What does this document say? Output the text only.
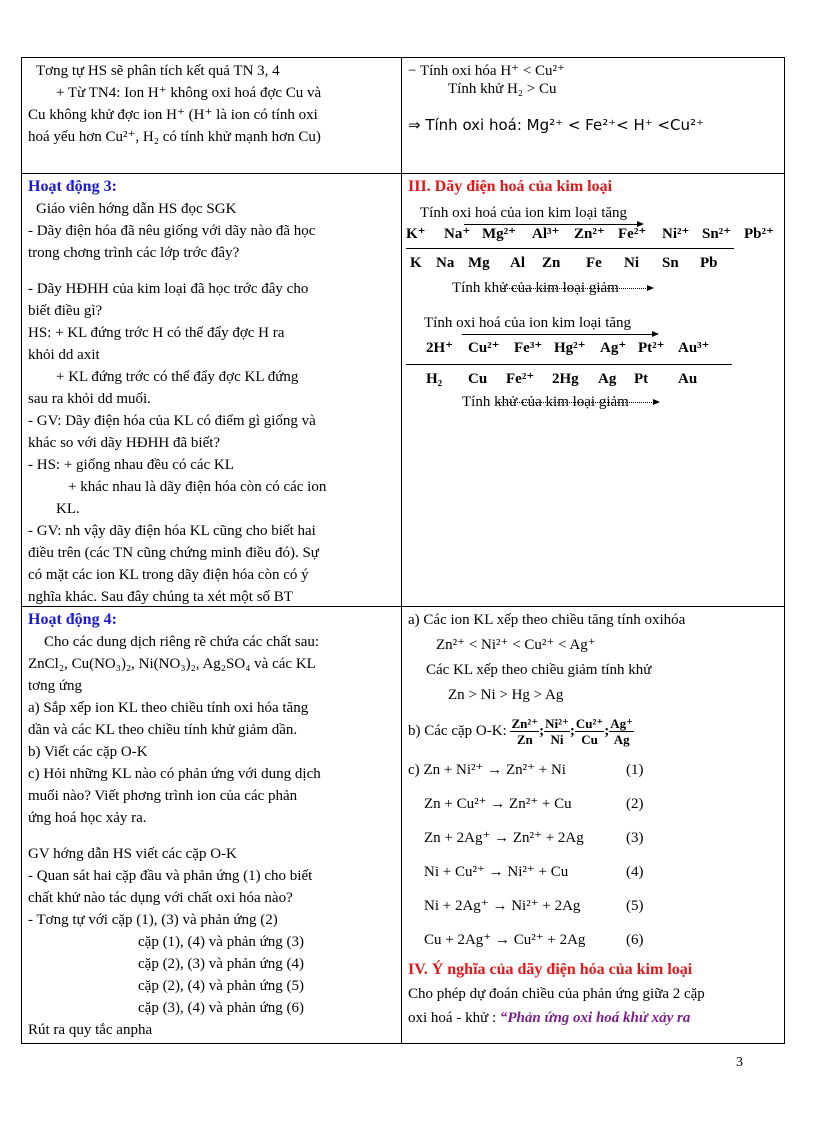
Tơng tự HS sẽ phân tích kết quả TN 3, 4
+ Từ TN4: Ion H⁺ không oxi hoá đợc Cu và
Cu không khử đợc ion H⁺ (H⁺ là ion có tính oxi
hoá yếu hơn Cu²⁺, H₂ có tính khử mạnh hơn Cu)
− Tính oxi hóa H⁺ < Cu²⁺
Tính khử H₂ > Cu
⇒ Tính oxi hoá: Mg²⁺ < Fe²⁺< H⁺ <Cu²⁺
Hoạt động 3:
Giáo viên hớng dẫn HS đọc SGK
- Dãy điện hóa đã nêu giống với dãy nào đã học
trong chơng trình các lớp trớc đây?
- Dãy HĐHH của kim loại đã học trớc đây cho
biết điều gì?
HS: + KL đứng trớc H có thể đẩy đợc H ra
khỏi dd axit
+ KL đứng trớc có thể đẩy đợc KL đứng
sau ra khỏi dd muối.
- GV: Dãy điện hóa của KL có điểm gì giống và
khác so với dãy HĐHH đã biết?
- HS: + giống nhau đều có các KL
+ khác nhau là dãy điện hóa còn có các ion
KL.
- GV: nh vậy dãy điện hóa KL cũng cho biết hai
điều trên (các TN cũng chứng minh điều đó). Sự
có mặt các ion KL trong dãy điện hóa còn có ý
nghĩa khác. Sau đây chúng ta xét một số BT
III. Dãy điện hoá của kim loại
Tính oxi hoá của ion kim loại tăng
K⁺ Na⁺ Mg²⁺ Al³⁺ Zn²⁺ Fe²⁺ Ni²⁺ Sn²⁺ Pb²⁺
K Na Mg Al Zn Fe Ni Sn Pb
Tính khử của kim loại giảm
Tính oxi hoá của ion kim loại tăng
2H⁺ Cu²⁺ Fe³⁺ Hg²⁺ Ag⁺ Pt²⁺ Au³⁺
H₂ Cu Fe²⁺ 2Hg Ag Pt Au
Tính khử của kim loại giảm
Hoạt động 4:
Cho các dung dịch riêng rẽ chứa các chất sau:
ZnCl₂, Cu(NO₃)₂, Ni(NO₃)₂, Ag₂SO₄ và các KL
tơng ứng
a) Sắp xếp ion KL theo chiều tính oxi hóa tăng
dần và các KL theo chiều tính khử giảm dần.
b) Viết các cặp O-K
c) Hỏi những KL nào có phản ứng với dung dịch
muối nào? Viết phơng trình ion của các phản
ứng hoá học xảy ra.
GV hớng dẫn HS viết các cặp O-K
- Quan sát hai cặp đầu và phản ứng (1) cho biết
chất khử nào tác dụng với chất oxi hóa nào?
- Tơng tự với cặp (1), (3) và phản ứng (2)
cặp (1), (4) và phản ứng (3)
cặp (2), (3) và phản ứng (4)
cặp (2), (4) và phản ứng (5)
cặp (3), (4) và phản ứng (6)
Rút ra quy tắc anpha
a) Các ion KL xếp theo chiều tăng tính oxihóa
Zn²⁺ < Ni²⁺ < Cu²⁺ < Ag⁺
Các KL xếp theo chiều giảm tính khử
Zn > Ni > Hg > Ag
b) Các cặp O-K: $\frac{\text{Zn²⁺}}{Zn}$ ; $\frac{\text{Ni²⁺}}{Ni}$ ; $\frac{\text{Cu²⁺}}{Cu}$ ; $\frac{Ag^+}{Ag}$
c) Zn + Ni²⁺ → Zn²⁺ + Ni	(1)
Zn + Cu²⁺ → Zn²⁺ + Cu	(2)
Zn + 2Ag⁺ → Zn²⁺ + 2Ag	(3)
Ni + Cu²⁺ → Ni²⁺ + Cu	(4)
Ni + 2Ag⁺ → Ni²⁺ + 2Ag	(5)
Cu + 2Ag⁺ → Cu²⁺ + 2Ag	(6)
IV. Ý nghĩa của dãy điện hóa của kim loại
Cho phép dự đoán chiều của phản ứng giữa 2 cặp
oxi hoá - khử : “Phản ứng oxi hoá khử xảy ra
3
